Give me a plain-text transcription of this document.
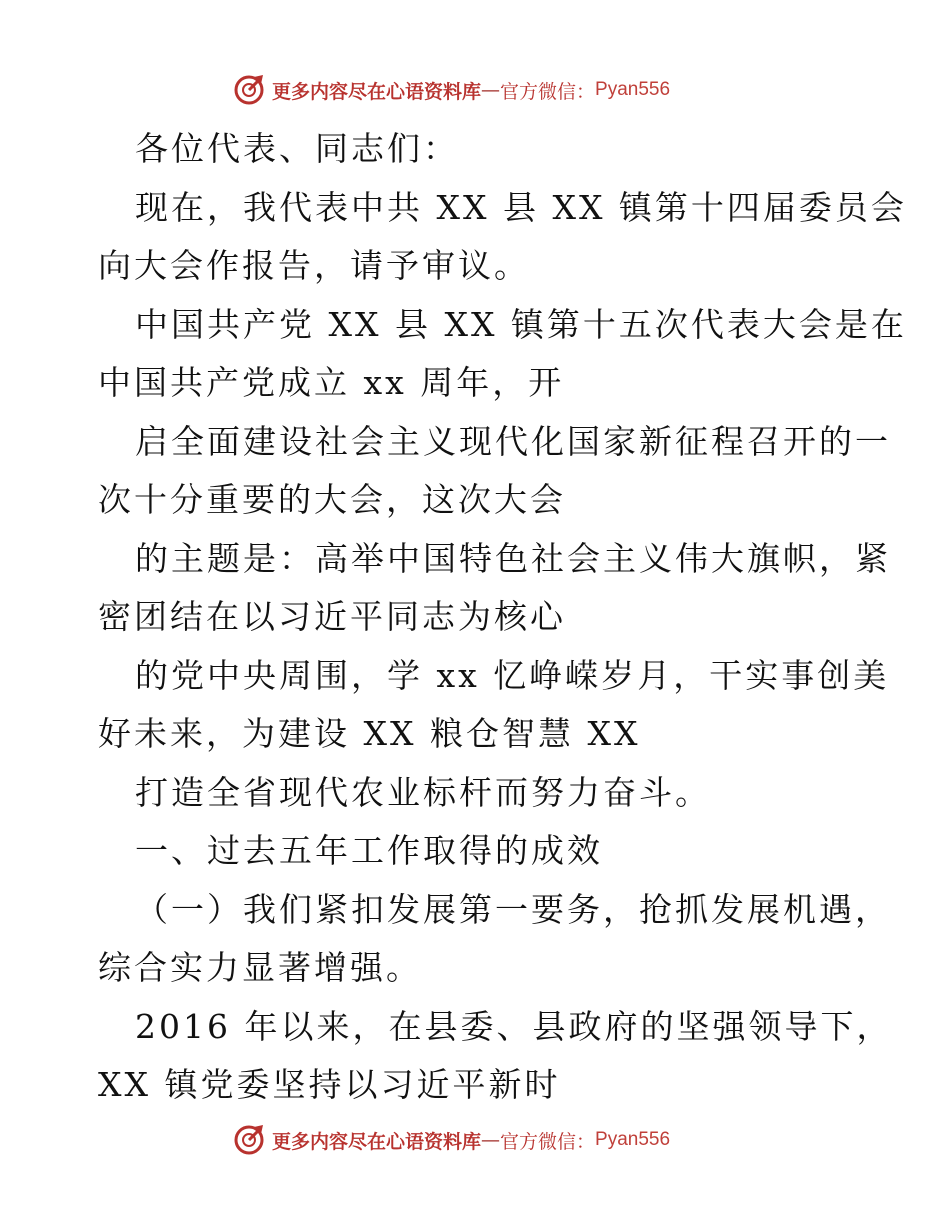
更多内容尽在心语资料库 — 官方微信： Pyan556
各位代表、同志们：
现在，我代表中共 XX 县 XX 镇第十四届委员会
向大会作报告，请予审议。
中国共产党 XX 县 XX 镇第十五次代表大会是在
中国共产党成立 xx 周年，开
启全面建设社会主义现代化国家新征程召开的一
次十分重要的大会，这次大会
的主题是：高举中国特色社会主义伟大旗帜，紧
密团结在以习近平同志为核心
的党中央周围，学 xx 忆峥嵘岁月，干实事创美
好未来，为建设 XX 粮仓智慧 XX
打造全省现代农业标杆而努力奋斗。
一、过去五年工作取得的成效
（一）我们紧扣发展第一要务，抢抓发展机遇，
综合实力显著增强。
2016 年以来，在县委、县政府的坚强领导下，
XX 镇党委坚持以习近平新时
更多内容尽在心语资料库 — 官方微信： Pyan556
